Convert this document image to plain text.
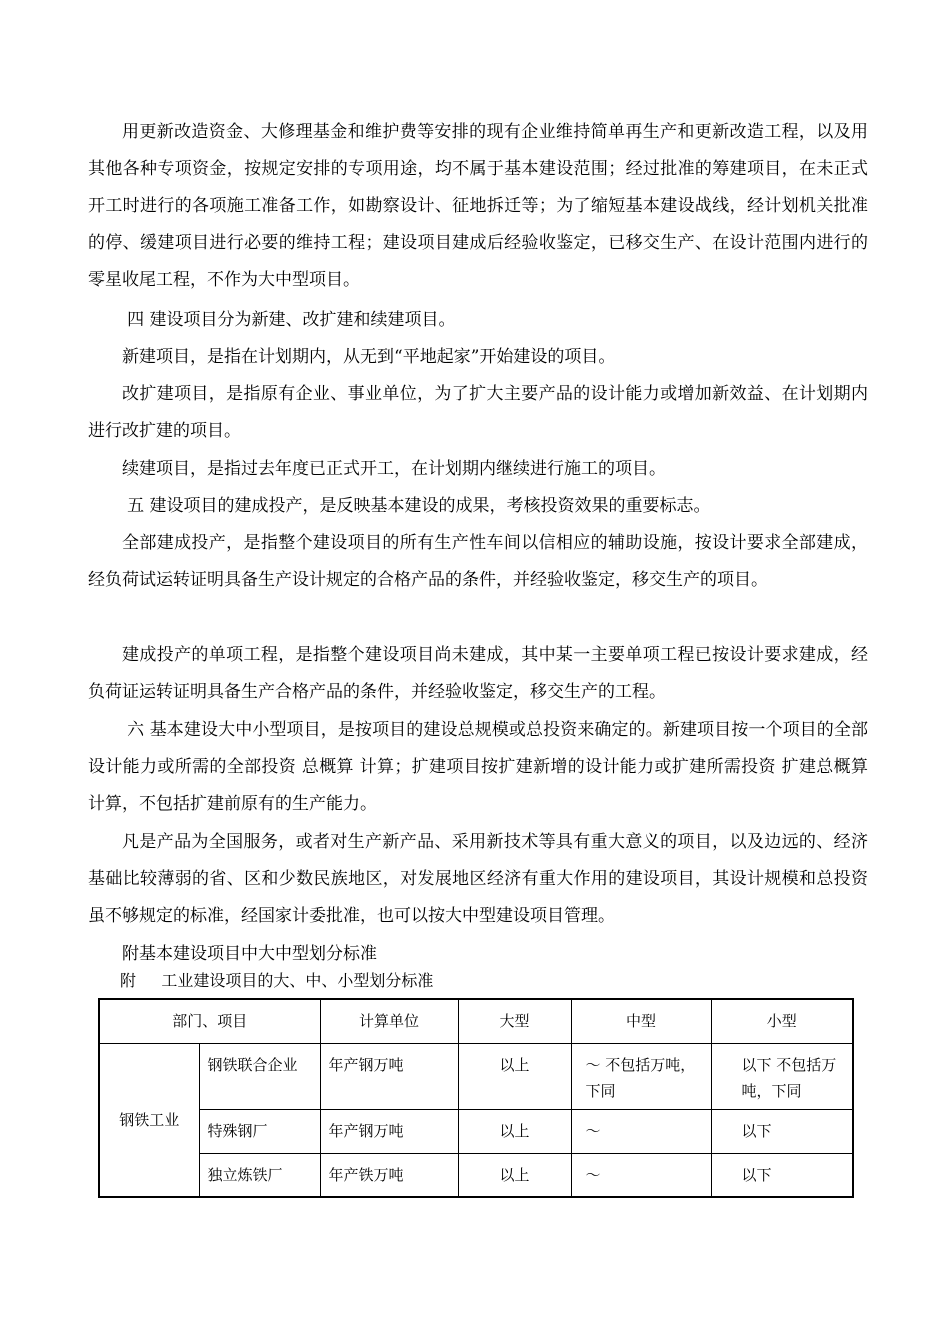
用更新改造资金、大修理基金和维护费等安排的现有企业维持简单再生产和更新改造工程，以及用其他各种专项资金，按规定安排的专项用途，均不属于基本建设范围；经过批准的筹建项目，在未正式开工时进行的各项施工准备工作，如勘察设计、征地拆迁等；为了缩短基本建设战线，经计划机关批准的停、缓建项目进行必要的维持工程；建设项目建成后经验收鉴定，已移交生产、在设计范围内进行的零星收尾工程，不作为大中型项目。

四 建设项目分为新建、改扩建和续建项目。

新建项目，是指在计划期内，从无到“平地起家”开始建设的项目。

改扩建项目，是指原有企业、事业单位，为了扩大主要产品的设计能力或增加新效益、在计划期内进行改扩建的项目。

续建项目，是指过去年度已正式开工，在计划期内继续进行施工的项目。

五 建设项目的建成投产，是反映基本建设的成果，考核投资效果的重要标志。

全部建成投产，是指整个建设项目的所有生产性车间以信相应的辅助设施，按设计要求全部建成，经负荷试运转证明具备生产设计规定的合格产品的条件，并经验收鉴定，移交生产的项目。

建成投产的单项工程，是指整个建设项目尚未建成，其中某一主要单项工程已按设计要求建成，经负荷证运转证明具备生产合格产品的条件，并经验收鉴定，移交生产的工程。

六 基本建设大中小型项目，是按项目的建设总规模或总投资来确定的。新建项目按一个项目的全部设计能力或所需的全部投资 总概算 计算；扩建项目按扩建新增的设计能力或扩建所需投资 扩建总概算 计算，不包括扩建前原有的生产能力。

凡是产品为全国服务，或者对生产新产品、采用新技术等具有重大意义的项目，以及边远的、经济基础比较薄弱的省、区和少数民族地区，对发展地区经济有重大作用的建设项目，其设计规模和总投资虽不够规定的标准，经国家计委批准，也可以按大中型建设项目管理。

附基本建设项目中大中型划分标准

附     工业建设项目的大、中、小型划分标准

部门、项目		计算单位	大型	中型	小型
钢铁工业	钢铁联合企业	年产钢万吨	以上	～ 不包括万吨，下同	以下 不包括万吨，下同
	特殊钢厂	年产钢万吨	以上	～	以下
	独立炼铁厂	年产铁万吨	以上	～	以下
